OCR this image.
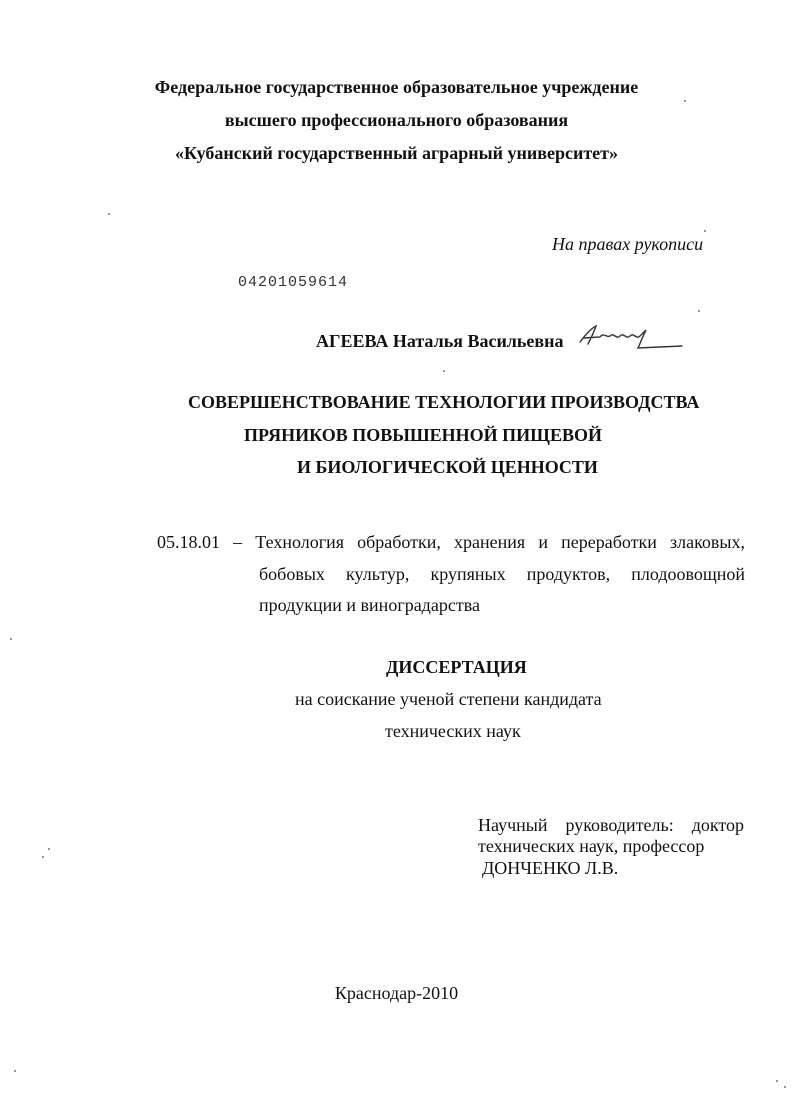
Федеральное государственное образовательное учреждение
высшего профессионального образования
«Кубанский государственный аграрный университет»
На правах рукописи
04201059614
АГЕЕВА Наталья Васильевна
СОВЕРШЕНСТВОВАНИЕ ТЕХНОЛОГИИ ПРОИЗВОДСТВА
ПРЯНИКОВ ПОВЫШЕННОЙ ПИЩЕВОЙ
И БИОЛОГИЧЕСКОЙ ЦЕННОСТИ
05.18.01 – Технология обработки, хранения и переработки злаковых,
бобовых культур, крупяных продуктов, плодоовощной
продукции и виноградарства
ДИССЕРТАЦИЯ
на соискание ученой степени кандидата
технических наук
Научный руководитель: доктор
технических наук, профессор
ДОНЧЕНКО Л.В.
Краснодар-2010
